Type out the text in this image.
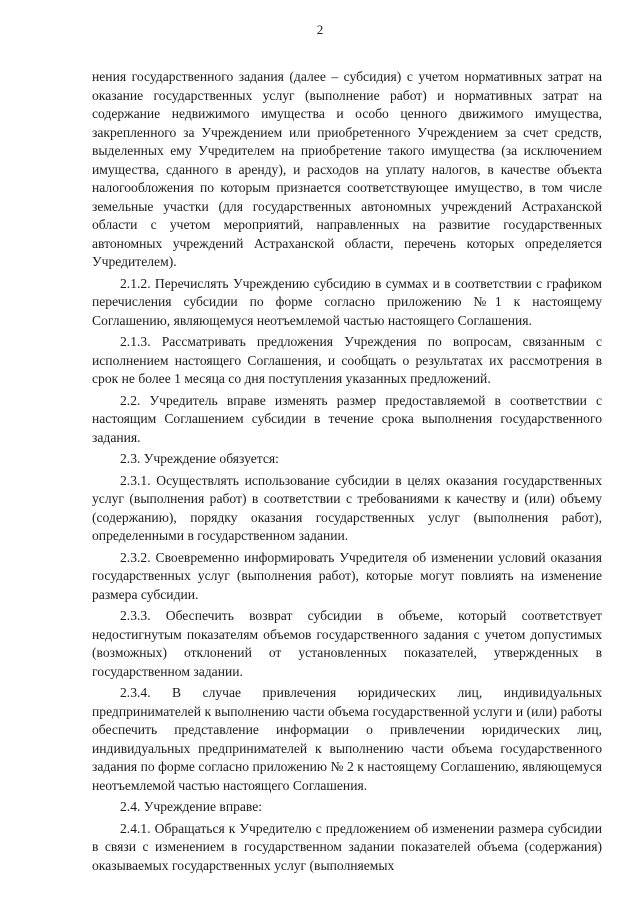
2

нения государственного задания (далее – субсидия) с учетом нормативных затрат на оказание государственных услуг (выполнение работ) и нормативных затрат на содержание недвижимого имущества и особо ценного движимого имущества, закрепленного за Учреждением или приобретенного Учреждением за счет средств, выделенных ему Учредителем на приобретение такого имущества (за исключением имущества, сданного в аренду), и расходов на уплату налогов, в качестве объекта налогообложения по которым признается соответствующее имущество, в том числе земельные участки (для государственных автономных учреждений Астраханской области с учетом мероприятий, направленных на развитие государственных автономных учреждений Астраханской области, перечень которых определяется Учредителем).

2.1.2. Перечислять Учреждению субсидию в суммах и в соответствии с графиком перечисления субсидии по форме согласно приложению №1 к настоящему Соглашению, являющемуся неотъемлемой частью настоящего Соглашения.

2.1.3. Рассматривать предложения Учреждения по вопросам, связанным с исполнением настоящего Соглашения, и сообщать о результатах их рассмотрения в срок не более 1 месяца со дня поступления указанных предложений.

2.2. Учредитель вправе изменять размер предоставляемой в соответствии с настоящим Соглашением субсидии в течение срока выполнения государственного задания.

2.3. Учреждение обязуется:

2.3.1. Осуществлять использование субсидии в целях оказания государственных услуг (выполнения работ) в соответствии с требованиями к качеству и (или) объему (содержанию), порядку оказания государственных услуг (выполнения работ), определенными в государственном задании.

2.3.2. Своевременно информировать Учредителя об изменении условий оказания государственных услуг (выполнения работ), которые могут повлиять на изменение размера субсидии.

2.3.3. Обеспечить возврат субсидии в объеме, который соответствует недостигнутым показателям объемов государственного задания с учетом допустимых (возможных) отклонений от установленных показателей, утвержденных в государственном задании.

2.3.4. В случае привлечения юридических лиц, индивидуальных предпринимателей к выполнению части объема государственной услуги и (или) работы обеспечить представление информации о привлечении юридических лиц, индивидуальных предпринимателей к выполнению части объема государственного задания по форме согласно приложению № 2 к настоящему Соглашению, являющемуся неотъемлемой частью настоящего Соглашения.

2.4. Учреждение вправе:

2.4.1. Обращаться к Учредителю с предложением об изменении размера субсидии в связи с изменением в государственном задании показателей объема (содержания) оказываемых государственных услуг (выполняемых
